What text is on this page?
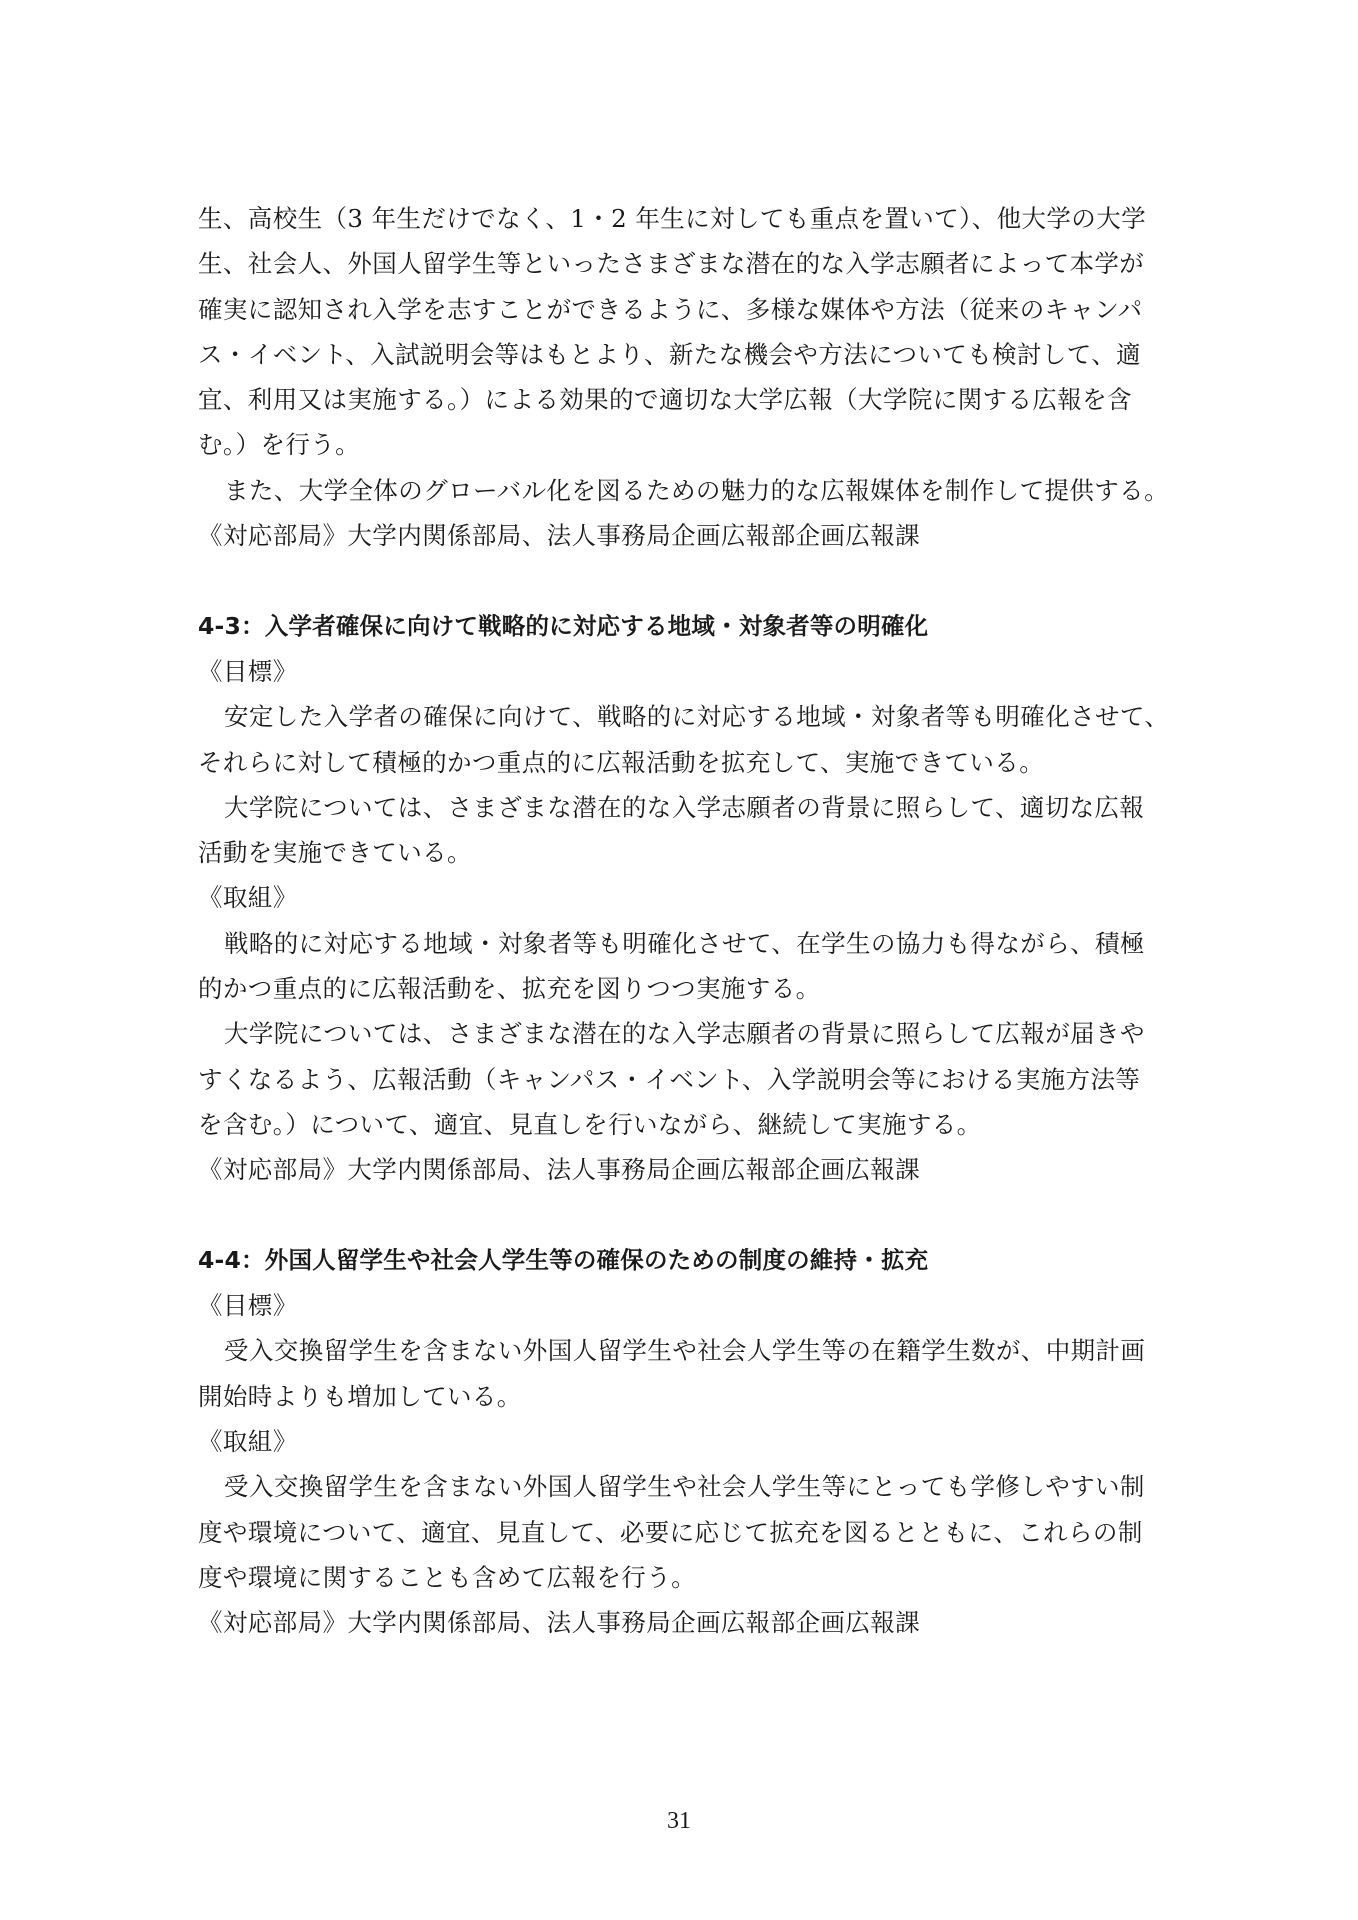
生、高校生（3 年生だけでなく、1・2 年生に対しても重点を置いて）、他大学の大学
生、社会人、外国人留学生等といったさまざまな潜在的な入学志願者によって本学が
確実に認知され入学を志すことができるように、多様な媒体や方法（従来のキャンパ
ス・イベント、入試説明会等はもとより、新たな機会や方法についても検討して、適
宜、利用又は実施する。）による効果的で適切な大学広報（大学院に関する広報を含
む。）を行う。
また、大学全体のグローバル化を図るための魅力的な広報媒体を制作して提供する。
《対応部局》大学内関係部局、法人事務局企画広報部企画広報課
4-3：入学者確保に向けて戦略的に対応する地域・対象者等の明確化
《目標》
安定した入学者の確保に向けて、戦略的に対応する地域・対象者等も明確化させて、
それらに対して積極的かつ重点的に広報活動を拡充して、実施できている。
大学院については、さまざまな潜在的な入学志願者の背景に照らして、適切な広報
活動を実施できている。
《取組》
戦略的に対応する地域・対象者等も明確化させて、在学生の協力も得ながら、積極
的かつ重点的に広報活動を、拡充を図りつつ実施する。
大学院については、さまざまな潜在的な入学志願者の背景に照らして広報が届きや
すくなるよう、広報活動（キャンパス・イベント、入学説明会等における実施方法等
を含む。）について、適宜、見直しを行いながら、継続して実施する。
《対応部局》大学内関係部局、法人事務局企画広報部企画広報課
4-4：外国人留学生や社会人学生等の確保のための制度の維持・拡充
《目標》
受入交換留学生を含まない外国人留学生や社会人学生等の在籍学生数が、中期計画
開始時よりも増加している。
《取組》
受入交換留学生を含まない外国人留学生や社会人学生等にとっても学修しやすい制
度や環境について、適宜、見直して、必要に応じて拡充を図るとともに、これらの制
度や環境に関することも含めて広報を行う。
《対応部局》大学内関係部局、法人事務局企画広報部企画広報課
31
